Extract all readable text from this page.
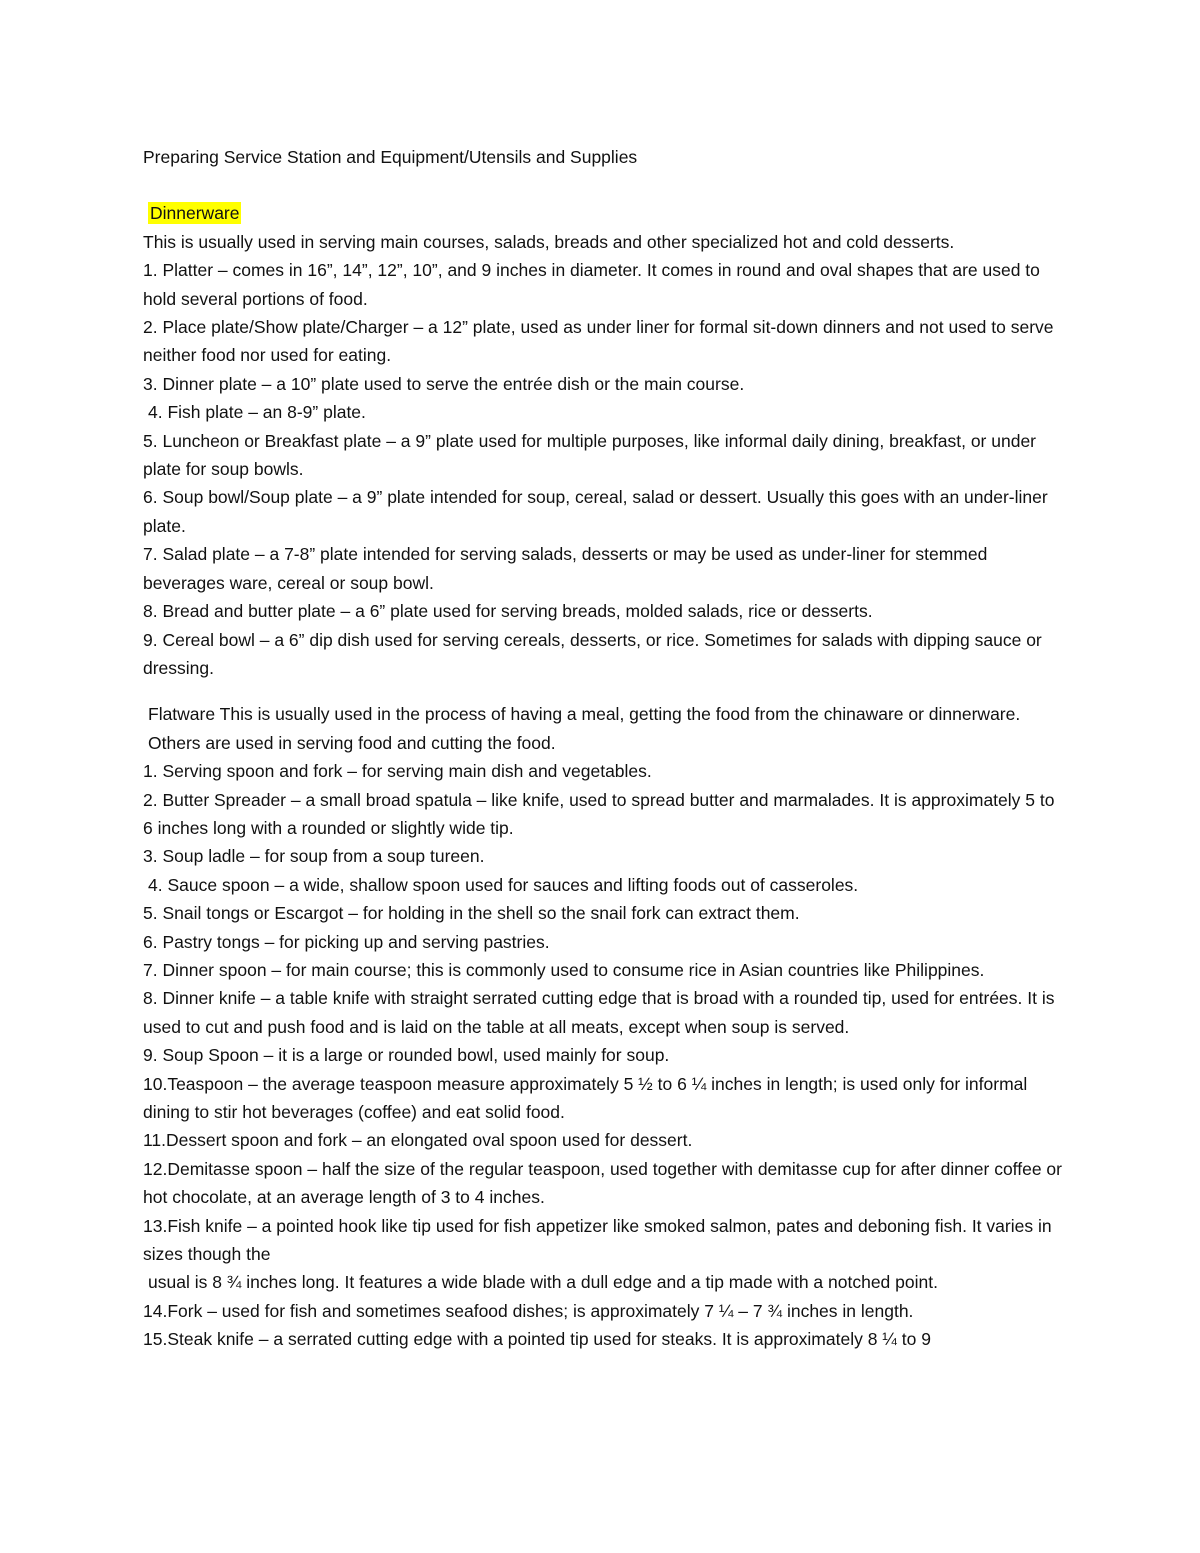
Preparing Service Station and Equipment/Utensils and Supplies

Dinnerware

This is usually used in serving main courses, salads, breads and other specialized hot and cold desserts.

1. Platter – comes in 16”, 14”, 12”, 10”, and 9 inches in diameter. It comes in round and oval shapes that are used to hold several portions of food.

2. Place plate/Show plate/Charger – a 12” plate, used as under liner for formal sit-down dinners and not used to serve neither food nor used for eating.

3. Dinner plate – a 10” plate used to serve the entrée dish or the main course.

4. Fish plate – an 8-9” plate.

5. Luncheon or Breakfast plate – a 9” plate used for multiple purposes, like informal daily dining, breakfast, or under plate for soup bowls.

6. Soup bowl/Soup plate – a 9” plate intended for soup, cereal, salad or dessert. Usually this goes with an under-liner plate.

7. Salad plate – a 7-8” plate intended for serving salads, desserts or may be used as under-liner for stemmed beverages ware, cereal or soup bowl.

8. Bread and butter plate – a 6” plate used for serving breads, molded salads, rice or desserts.

9. Cereal bowl – a 6” dip dish used for serving cereals, desserts, or rice. Sometimes for salads with dipping sauce or dressing.

Flatware This is usually used in the process of having a meal, getting the food from the chinaware or dinnerware. Others are used in serving food and cutting the food.

1. Serving spoon and fork – for serving main dish and vegetables.

2. Butter Spreader – a small broad spatula – like knife, used to spread butter and marmalades. It is approximately 5 to 6 inches long with a rounded or slightly wide tip.

3. Soup ladle – for soup from a soup tureen.

4. Sauce spoon – a wide, shallow spoon used for sauces and lifting foods out of casseroles.

5. Snail tongs or Escargot – for holding in the shell so the snail fork can extract them.

6. Pastry tongs – for picking up and serving pastries.

7. Dinner spoon – for main course; this is commonly used to consume rice in Asian countries like Philippines.

8. Dinner knife – a table knife with straight serrated cutting edge that is broad with a rounded tip, used for entrées. It is used to cut and push food and is laid on the table at all meats, except when soup is served.

9. Soup Spoon – it is a large or rounded bowl, used mainly for soup.

10.Teaspoon – the average teaspoon measure approximately 5 ½ to 6 ¼ inches in length; is used only for informal dining to stir hot beverages (coffee) and eat solid food.

11.Dessert spoon and fork – an elongated oval spoon used for dessert.

12.Demitasse spoon – half the size of the regular teaspoon, used together with demitasse cup for after dinner coffee or hot chocolate, at an average length of 3 to 4 inches.

13.Fish knife – a pointed hook like tip used for fish appetizer like smoked salmon, pates and deboning fish. It varies in sizes though the

usual is 8 ¾ inches long. It features a wide blade with a dull edge and a tip made with a notched point.

14.Fork – used for fish and sometimes seafood dishes; is approximately 7 ¼ – 7 ¾ inches in length.

15.Steak knife – a serrated cutting edge with a pointed tip used for steaks. It is approximately 8 ¼ to 9
